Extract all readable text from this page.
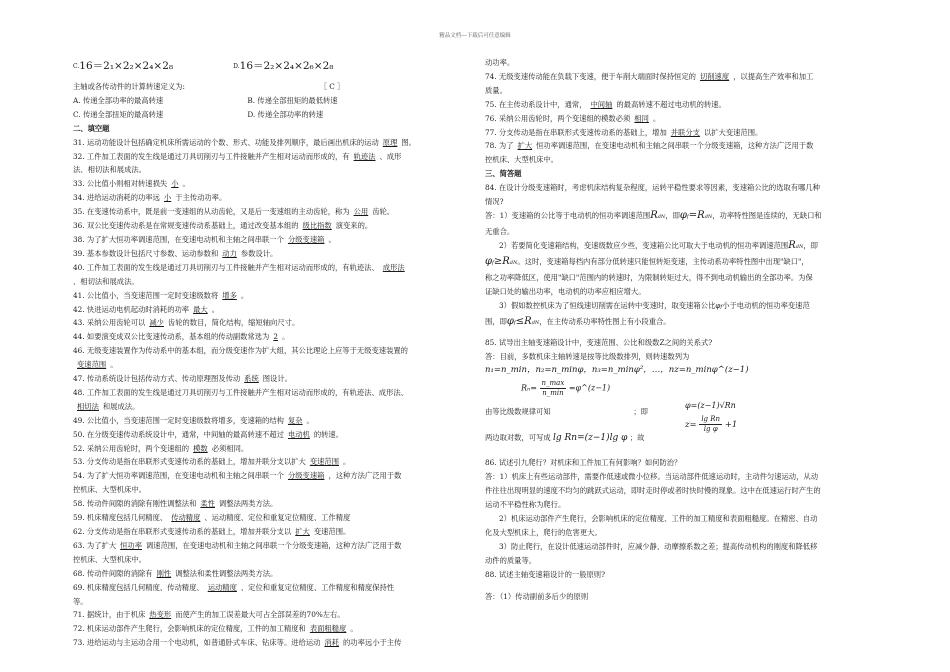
精品文档---下载后可任意编辑
C. 16＝2₁×2₂×2₄×2₈	D. 16＝2₂×2₄×2₆×2₈
主轴或各传动件的计算转速定义为:	［ C ］
A. 传递全部功率的最高转速	B. 传递全部扭矩的最低转速
C. 传递全部扭矩的最高转速	D. 传递全部功率的转速
二、填空题
31. 运动功能设计包括确定机床所需运动的个数、形式、功能及排列顺序，最后画出机床的运动 原理 图。
32. 工件加工表面的发生线是通过刀具切削刃与工件接触并产生相对运动而形成的，有 轨迹法 、成形
法、相切法和展成法。
33. 公比值小则相对转速损失 小 。
34. 进给运动消耗的功率远 小 于主传动功率。
35. 在变速传动系中，既是前一变速组的从动齿轮，又是后一变速组的主动齿轮，称为 公用 齿轮。
36. 双公比变速传动系是在常规变速传动系基础上，通过改变基本组的 级比指数 演变来的。
38. 为了扩大恒功率调速范围，在变速电动机和主轴之间串联一个 分级变速箱 。
39. 基本参数设计包括尺寸参数、运动参数和 动力 参数设计。
40. 工件加工表面的发生线是通过刀具切削刃与工件接触并产生相对运动而形成的，有轨迹法、 成形法
、相切法和展成法。
41. 公比值小，当变速范围一定时变速级数将 增多 。
42. 快进运动电机起动时消耗的功率 最大 。
43. 采纳公用齿轮可以 减少 齿轮的数目，简化结构，缩短轴向尺寸。
44. 如要演变成双公比变速传动系，基本组的传动副数常选为 2 。
46. 无级变速装置作为传动系中的基本组，而分级变速作为扩大组，其公比理论上应等于无级变速装置的
变速范围 。
47. 传动系统设计包括传动方式、传动原理图及传动 系统 图设计。
48. 工件加工表面的发生线是通过刀具切削刃与工件接触并产生相对运动而形成的，有轨迹法、成形法、
相切法 和展成法。
49. 公比值小，当变速范围一定时变速级数将增多，变速箱的结构 复杂 。
50. 在分级变速传动系统设计中，通常，中间轴的最高转速不超过 电动机 的转速。
52. 采纳公用齿轮时，两个变速组的 模数 必须相同。
53. 分支传动是指在串联形式变速传动系的基础上，增加并联分支以扩大 变速范围 。
54. 为了扩大恒功率调速范围，在变速电动机和主轴之间串联一个 分级变速箱 ，这种方法广泛用于数
控机床、大型机床中。
58. 传动件间隙的消除有刚性调整法和 柔性 调整法两类方法。
59. 机床精度包括几何精度、 传动精度 、运动精度、定位和重复定位精度、工作精度
62. 分支传动是指在串联形式变速传动系的基础上，增加并联分支以 扩大 变速范围。
63. 为了扩大 恒功率 调速范围，在变速电动机和主轴之间串联一个分级变速箱，这种方法广泛用于数
控机床、大型机床中。
68. 传动件间隙的消除有 刚性 调整法和柔性调整法两类方法。
69. 机床精度包括几何精度、传动精度、 运动精度 、定位和重复定位精度、工作精度和精度保持性
等。
71. 据统计，由于机床 热变形 而使产生的加工误差最大可占全部误差的70%左右。
72. 机床运动部件产生爬行，会影响机床的定位精度，工件的加工精度和 表面粗糙度 。
73. 进给运动与主运动合用一个电动机，如普通卧式车床、钻床等。进给运动 消耗 的功率远小于主传
动功率。
74. 无级变速传动能在负载下变速，便于车削大端面时保持恒定的 切削速度 ，以提高生产效率和加工
质量。
75. 在主传动系设计中，通常， 中间轴 的最高转速不超过电动机的转速。
76. 采纳公用齿轮时，两个变速组的模数必须 相同 。
77. 分支传动是指在串联形式变速传动系的基础上，增加 并联分支 以扩大变速范围。
78. 为了 扩大 恒功率调速范围，在变速电动机和主轴之间串联一个分级变速箱，这种方法广泛用于数
控机床、大型机床中。
三、简答题
84. 在设计分级变速箱时，考虑机床结构复杂程度，运转平稳性要求等因素，变速箱公比的选取有哪几种
情况?
答：1）变速箱的公比等于电动机的恒功率调速范围RdN，即φf=RdN，功率特性图是连续的，无缺口和
无重合。
2）若要简化变速箱结构，变速级数应少些，变速箱公比可取大于电动机的恒功率调速范围RdN，即
φf≥RdN。这时，变速箱每档内有部分低转速只能恒转矩变速，主传动系功率特性图中出现"缺口"，
称之功率降低区，使用"缺口"范围内的转速时，为限制转矩过大，得不到电动机输出的全部功率。为保
证缺口处的输出功率，电动机的功率应相应增大。
3）假如数控机床为了恒线速切削需在运转中变速时，取变速箱公比φf小于电动机的恒功率变速范
围，即φf≤RdN，在主传动系功率特性图上有小段重合。
85. 试导出主轴变速箱设计中，变速范围、公比和级数Z之间的关系式?
答：目前，多数机床主轴转速是按等比级数排列，则转速数列为
n₁=n_min，n₂=n_minφ，n₃=n_minφ²，…，nz=n_minφ^(z−1)
$Rn= \frac{n\_\max}{n\_\min}$ =φ^(z−1)
由等比级数规律可知	；即
φ=(z−1)√Rn
两边取对数，可写成 lg Rn=(z−1)lg φ ；故
$z= \frac{\text{lg Rn}}{\text{lg φ}} +1$
86. 试述引九爬行？对机床和工件加工有何影响？如何防治？
答：1）机床上有些运动部件，需要作低速或微小位移。当运动部件低速运动时，主动件匀速运动，从动
件往往出现明显的速度不均匀的跳跃式运动，即时走时停或者时快时慢的现象。这中在低速运行时产生的
运动不平稳性称为爬行。
2）机床运动部件产生爬行，会影响机床的定位精度、工件的加工精度和表面粗糙度。在精密、自动
化及大型机床上，爬行的危害更大。
3）防止爬行，在设计低速运动部件时，应减少静、动摩擦系数之差；提高传动机构的刚度和降低移
动件的质量等。
88. 试述主轴变速箱设计的一般原则?
答：（1）传动副前多后少的原则
